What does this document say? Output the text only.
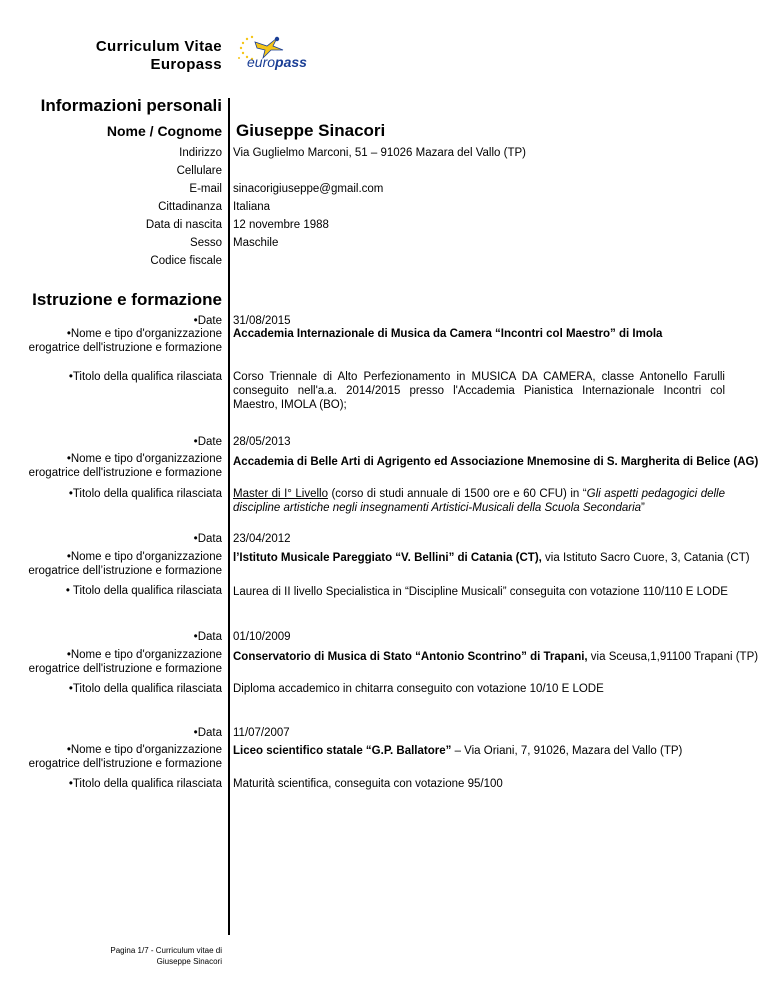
Curriculum Vitae
Europass europass
Informazioni personali
Nome / Cognome Giuseppe Sinacori
Indirizzo Via Guglielmo Marconi, 51 – 91026 Mazara del Vallo (TP)
Cellulare
E-mail sinacorigiuseppe@gmail.com
Cittadinanza Italiana
Data di nascita 12 novembre 1988
Sesso Maschile
Codice fiscale
Istruzione e formazione
•Date 31/08/2015
•Nome e tipo d'organizzazione
erogatrice dell'istruzione e formazione
Accademia Internazionale di Musica da Camera “Incontri col Maestro” di Imola
•Titolo della qualifica rilasciata Corso Triennale di Alto Perfezionamento in MUSICA DA CAMERA, classe Antonello Farulli conseguito nell'a.a. 2014/2015 presso l'Accademia Pianistica Internazionale Incontri col Maestro, IMOLA (BO);
•Date 28/05/2013
•Nome e tipo d'organizzazione
erogatrice dell'istruzione e formazione
Accademia di Belle Arti di Agrigento ed Associazione Mnemosine di S. Margherita di Belice (AG)
•Titolo della qualifica rilasciata Master di I° Livello (corso di studi annuale di 1500 ore e 60 CFU) in “Gli aspetti pedagogici delle discipline artistiche negli insegnamenti Artistici-Musicali della Scuola Secondaria”
•Data 23/04/2012
•Nome e tipo d'organizzazione
erogatrice dell’istruzione e formazione
l’Istituto Musicale Pareggiato “V. Bellini” di Catania (CT), via Istituto Sacro Cuore, 3, Catania (CT)
• Titolo della qualifica rilasciata Laurea di II livello Specialistica in “Discipline Musicali” conseguita con votazione 110/110 E LODE
•Data 01/10/2009
•Nome e tipo d'organizzazione
erogatrice dell'istruzione e formazione
Conservatorio di Musica di Stato “Antonio Scontrino” di Trapani, via Sceusa,1,91100 Trapani (TP)
•Titolo della qualifica rilasciata Diploma accademico in chitarra conseguito con votazione 10/10 E LODE
•Data 11/07/2007
•Nome e tipo d'organizzazione
erogatrice dell'istruzione e formazione
Liceo scientifico statale “G.P. Ballatore” – Via Oriani, 7, 91026, Mazara del Vallo (TP)
•Titolo della qualifica rilasciata Maturità scientifica, conseguita con votazione 95/100
Pagina 1/7 - Curriculum vitae di
Giuseppe Sinacori
